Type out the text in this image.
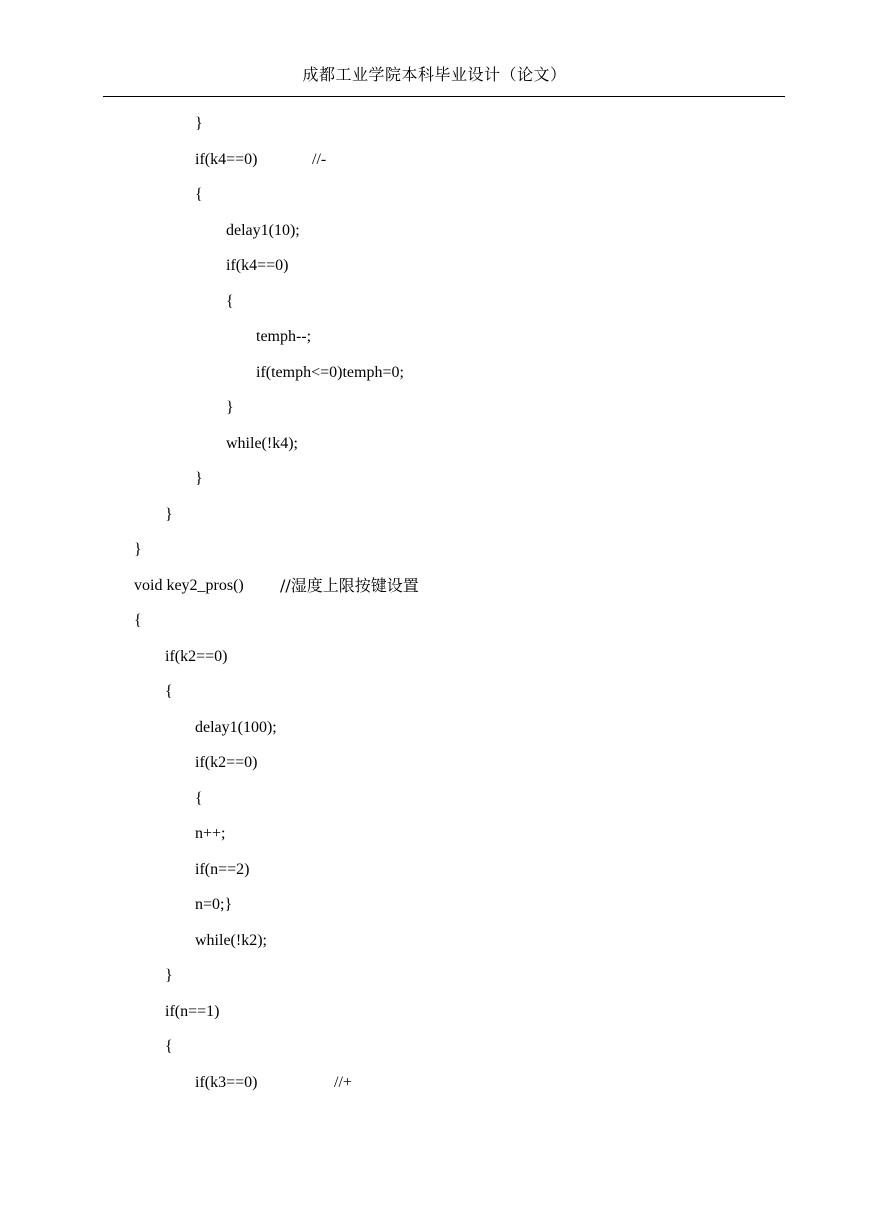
成都工业学院本科毕业设计（论文）
}
if(k4==0)	//-
{
delay1(10);
if(k4==0)
{
temph--;
if(temph<=0)temph=0;
}
while(!k4);
}
}
}
void key2_pros() //湿度上限按键设置
{
if(k2==0)
{
delay1(100);
if(k2==0)
{
n++;
if(n==2)
n=0;}
while(!k2);
}
if(n==1)
{
if(k3==0)	//+
